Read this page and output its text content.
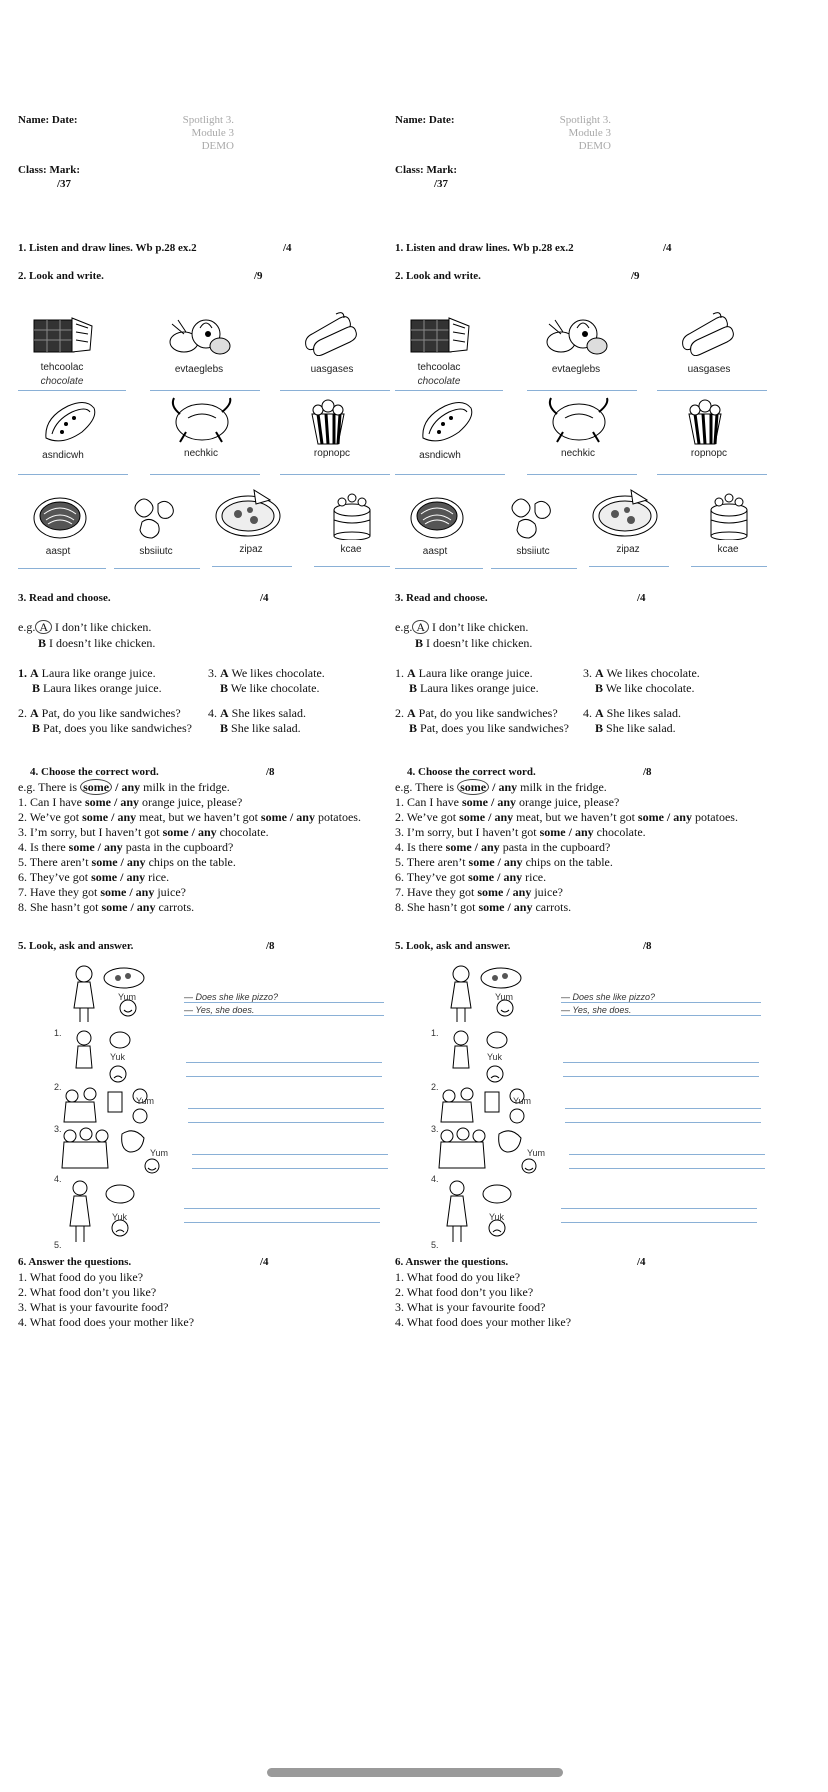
Name: Date:	Spotlight 3.
Module 3
DEMO
Class: Mark:
/37
1. Listen and draw lines. Wb p.28 ex.2	/4
2. Look and write.	/9
tehcoolac
chocolate
evtaeglebs	uasgases
asndicwh	nechkic	ropnopc
aaspt	sbsiiutc	zipaz	kcae
3. Read and choose.	/4
e.g. A I don’t like chicken.
B I doesn’t like chicken.
1. A Laura like orange juice.
B Laura likes orange juice.
3. A We likes chocolate.
B We like chocolate.
2. A Pat, do you like sandwiches?
B Pat, does you like sandwiches?
4. A She likes salad.
B She like salad.
4. Choose the correct word.	/8
e.g. There is some / any milk in the fridge.
1. Can I have some / any orange juice, please?
2. We’ve got some / any meat, but we haven’t got some / any potatoes.
3. I’m sorry, but I haven’t got some / any chocolate.
4. Is there some / any pasta in the cupboard?
5. There aren’t some / any chips on the table.
6. They’ve got some / any rice.
7. Have they got some / any juice?
8. She hasn’t got some / any carrots.
5. Look, ask and answer.	/8
— Does she like pizzo?
— Yes, she does.
Yum
Yuk
Yum
Yum
Yuk
1.
2.
3.
4.
5.
6. Answer the questions.	/4
1. What food do you like?
2. What food don’t you like?
3. What is your favourite food?
4. What food does your mother like?
Name: Date:	Spotlight 3.
Module 3
DEMO
Class: Mark:
/37
1. Listen and draw lines. Wb p.28 ex.2	/4
2. Look and write.	/9
tehcoolac
chocolate
evtaeglebs	uasgases
asndicwh	nechkic	ropnopc
aaspt	sbsiiutc	zipaz	kcae
3. Read and choose.	/4
e.g. A I don’t like chicken.
B I doesn’t like chicken.
1. A Laura like orange juice.
B Laura likes orange juice.
3. A We likes chocolate.
B We like chocolate.
2. A Pat, do you like sandwiches?
B Pat, does you like sandwiches?
4. A She likes salad.
B She like salad.
4. Choose the correct word.	/8
e.g. There is some / any milk in the fridge.
1. Can I have some / any orange juice, please?
2. We’ve got some / any meat, but we haven’t got some / any potatoes.
3. I’m sorry, but I haven’t got some / any chocolate.
4. Is there some / any pasta in the cupboard?
5. There aren’t some / any chips on the table.
6. They’ve got some / any rice.
7. Have they got some / any juice?
8. She hasn’t got some / any carrots.
5. Look, ask and answer.	/8
— Does she like pizzo?
— Yes, she does.
Yum
Yuk
Yum
Yum
Yuk
1.
2.
3.
4.
5.
6. Answer the questions.	/4
1. What food do you like?
2. What food don’t you like?
3. What is your favourite food?
4. What food does your mother like?
